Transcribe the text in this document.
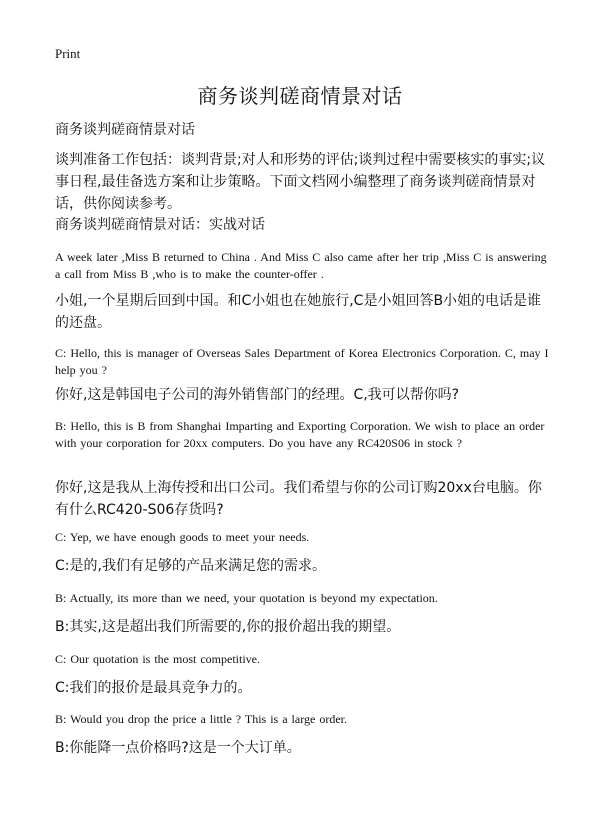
Print
商务谈判磋商情景对话

商务谈判磋商情景对话

谈判准备工作包括：谈判背景;对人和形势的评估;谈判过程中需要核实的事实;议事日程,最佳备选方案和让步策略。下面文档网小编整理了商务谈判磋商情景对话，供你阅读参考。

商务谈判磋商情景对话：实战对话

A week later ,Miss B returned to China . And Miss C also came after her trip ,Miss C is answering a call from Miss B ,who is to make the counter-offer .

小姐,一个星期后回到中国。和C小姐也在她旅行,C是小姐回答B小姐的电话是谁的还盘。

C: Hello, this is manager of Overseas Sales Department of Korea Electronics Corporation. C, may I help you ?

你好,这是韩国电子公司的海外销售部门的经理。C,我可以帮你吗?

B: Hello, this is B from Shanghai Imparting and Exporting Corporation. We wish to place an order with your corporation for 20xx computers. Do you have any RC420S06 in stock ?

你好,这是我从上海传授和出口公司。我们希望与你的公司订购20xx台电脑。你有什么RC420-S06存货吗?

C: Yep, we have enough goods to meet your needs.

C:是的,我们有足够的产品来满足您的需求。

B: Actually, its more than we need, your quotation is beyond my expectation.

B:其实,这是超出我们所需要的,你的报价超出我的期望。

C: Our quotation is the most competitive.

C:我们的报价是最具竞争力的。

B: Would you drop the price a little ? This is a large order.

B:你能降一点价格吗?这是一个大订单。
